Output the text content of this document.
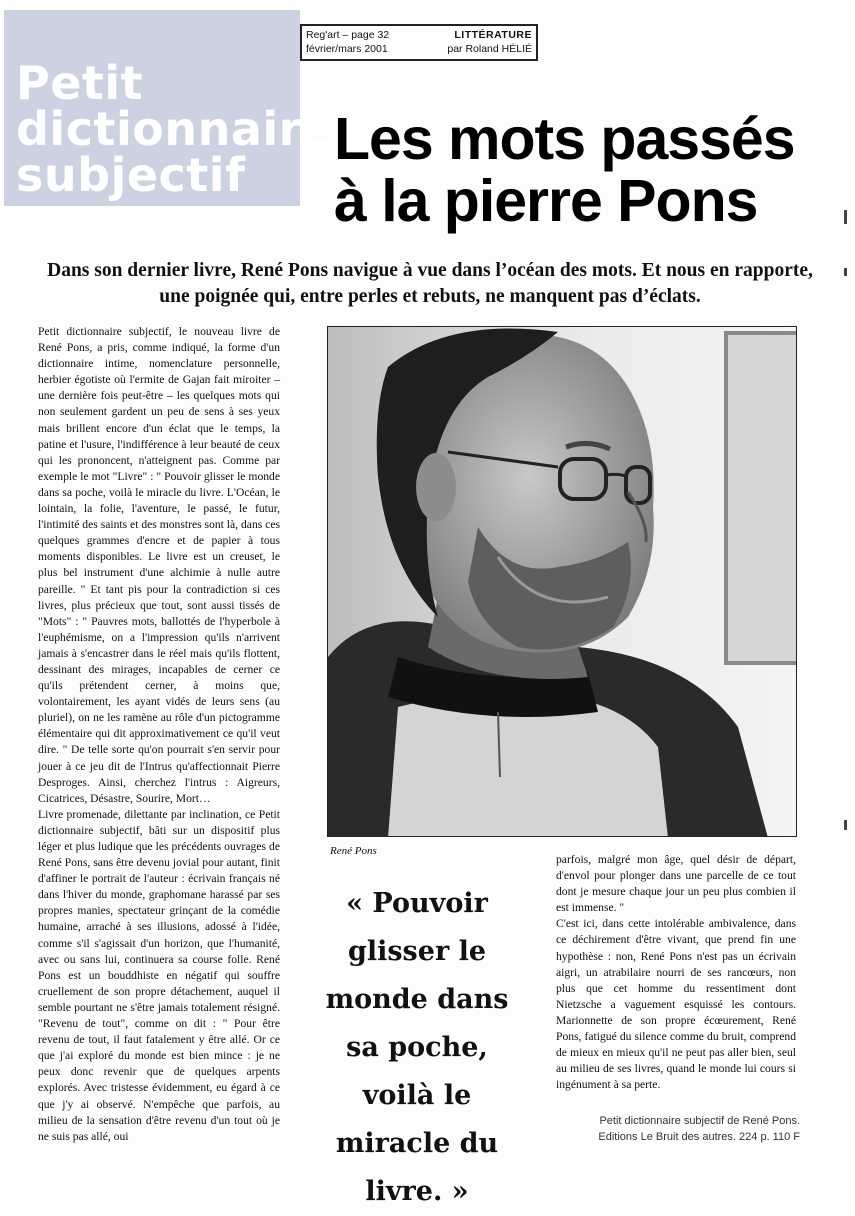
Petit
dictionnaire
subjectif
Reg'art – page 32
février/mars 2001
LITTÉRATURE
par Roland HÉLIÉ
Les mots passés
à la pierre Pons
Dans son dernier livre, René Pons navigue à vue dans l’océan des mots. Et nous en rapporte, une poignée qui, entre perles et rebuts, ne manquent pas d’éclats.

Petit dictionnaire subjectif, le nouveau livre de René Pons, a pris, comme indiqué, la forme d'un dictionnaire intime, nomenclature personnelle, herbier égotiste où l'ermite de Gajan fait miroiter – une dernière fois peut-être – les quelques mots qui non seulement gardent un peu de sens à ses yeux mais brillent encore d'un éclat que le temps, la patine et l'usure, l'indifférence à leur beauté de ceux qui les prononcent, n'atteignent pas. Comme par exemple le mot "Livre" : " Pouvoir glisser le monde dans sa poche, voilà le miracle du livre. L'Océan, le lointain, la folie, l'aventure, le passé, le futur, l'intimité des saints et des monstres sont là, dans ces quelques grammes d'encre et de papier à tous moments disponibles. Le livre est un creuset, le plus bel instrument d'une alchimie à nulle autre pareille. " Et tant pis pour la contradiction si ces livres, plus précieux que tout, sont aussi tissés de "Mots" : " Pauvres mots, ballottés de l'hyperbole à l'euphémisme, on a l'impression qu'ils n'arrivent jamais à s'encastrer dans le réel mais qu'ils flottent, dessinant des mirages, incapables de cerner ce qu'ils prétendent cerner, à moins que, volontairement, les ayant vidés de leurs sens (au pluriel), on ne les ramène au rôle d'un pictogramme élémentaire qui dit approximativement ce qu'il veut dire. " De telle sorte qu'on pourrait s'en servir pour jouer à ce jeu dit de l'Intrus qu'affectionnait Pierre Desproges. Ainsi, cherchez l'intrus : Aigreurs, Cicatrices, Désastre, Sourire, Mort…

Livre promenade, dilettante par inclination, ce Petit dictionnaire subjectif, bâti sur un dispositif plus léger et plus ludique que les précédents ouvrages de René Pons, sans être devenu jovial pour autant, finit d'affiner le portrait de l'auteur : écrivain français né dans l'hiver du monde, graphomane harassé par ses propres manies, spectateur grinçant de la comédie humaine, arraché à ses illusions, adossé à l'idée, comme s'il s'agissait d'un horizon, que l'humanité, avec ou sans lui, continuera sa course folle. René Pons est un bouddhiste en négatif qui souffre cruellement de son propre détachement, auquel il semble pourtant ne s'être jamais totalement résigné. "Revenu de tout", comme on dit : " Pour être revenu de tout, il faut fatalement y être allé. Or ce que j'ai exploré du monde est bien mince : je ne peux donc revenir que de quelques arpents explorés. Avec tristesse évidemment, eu égard à ce que j'y ai observé. N'empêche que parfois, au milieu de la sensation d'être revenu d'un tout où je ne suis pas allé, oui

René Pons
« Pouvoir glisser le monde dans sa poche, voilà le miracle du livre. »

parfois, malgré mon âge, quel désir de départ, d'envol pour plonger dans une parcelle de ce tout dont je mesure chaque jour un peu plus combien il est immense. "

C'est ici, dans cette intolérable ambivalence, dans ce déchirement d'être vivant, que prend fin une hypothèse : non, René Pons n'est pas un écrivain aigri, un atrabilaire nourri de ses rancœurs, non plus que cet homme du ressentiment dont Nietzsche a vaguement esquissé les contours. Marionnette de son propre écœurement, René Pons, fatigué du silence comme du bruit, comprend de mieux en mieux qu'il ne peut pas aller bien, seul au milieu de ses livres, quand le monde lui cours si ingénument à sa perte.

Petit dictionnaire subjectif de René Pons.
Editions Le Bruit des autres. 224 p. 110 F
